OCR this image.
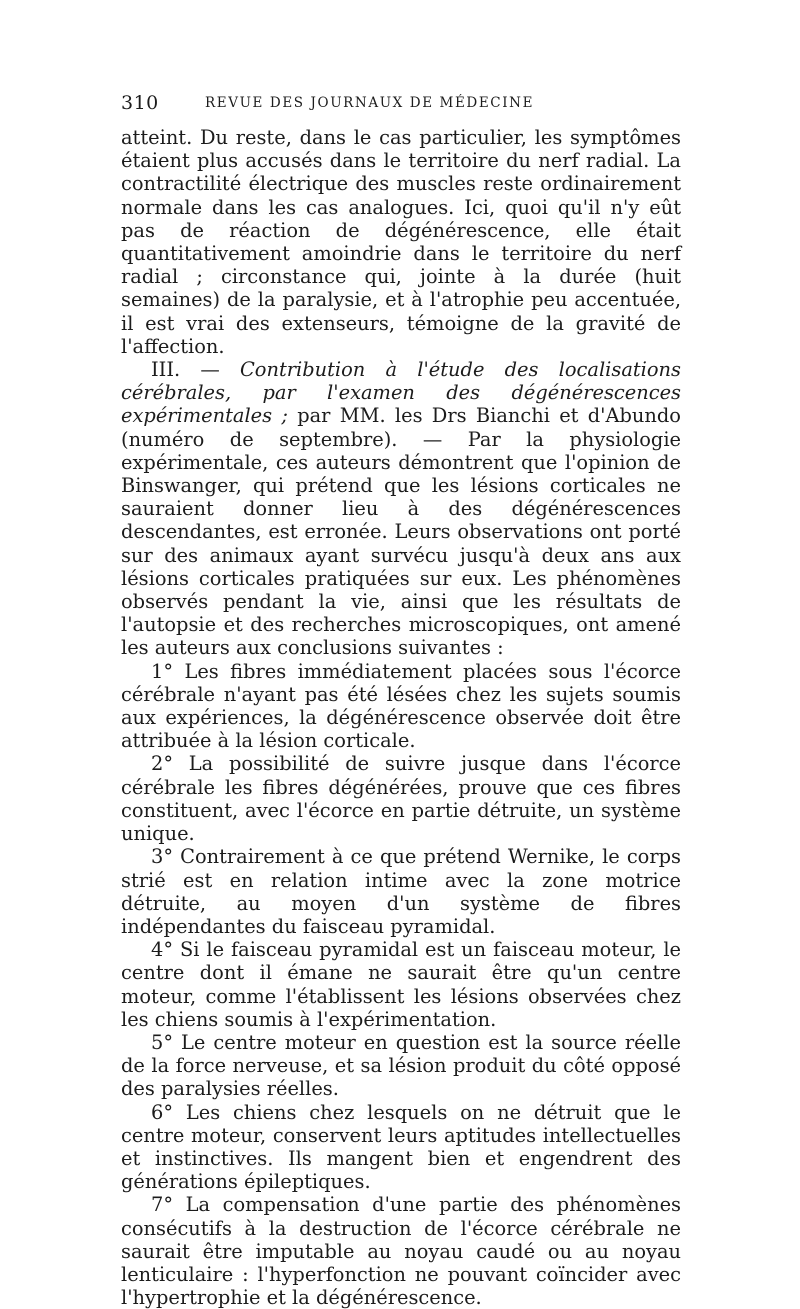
310	REVUE DES JOURNAUX DE MÉDECINE

atteint. Du reste, dans le cas particulier, les symptômes étaient plus accusés dans le territoire du nerf radial. La contractilité électrique des muscles reste ordinairement normale dans les cas analogues. Ici, quoi qu'il n'y eût pas de réaction de dégénérescence, elle était quantitativement amoindrie dans le territoire du nerf radial ; circonstance qui, jointe à la durée (huit semaines) de la paralysie, et à l'atrophie peu accentuée, il est vrai des extenseurs, témoigne de la gravité de l'affection.

III. — Contribution à l'étude des localisations cérébrales, par l'examen des dégénérescences expérimentales ; par MM. les Drs Bianchi et d'Abundo (numéro de septembre). — Par la physiologie expérimentale, ces auteurs démontrent que l'opinion de Binswanger, qui prétend que les lésions corticales ne sauraient donner lieu à des dégénérescences descendantes, est erronée. Leurs observations ont porté sur des animaux ayant survécu jusqu'à deux ans aux lésions corticales pratiquées sur eux. Les phénomènes observés pendant la vie, ainsi que les résultats de l'autopsie et des recherches microscopiques, ont amené les auteurs aux conclusions suivantes :

1° Les fibres immédiatement placées sous l'écorce cérébrale n'ayant pas été lésées chez les sujets soumis aux expériences, la dégénérescence observée doit être attribuée à la lésion corticale.

2° La possibilité de suivre jusque dans l'écorce cérébrale les fibres dégénérées, prouve que ces fibres constituent, avec l'écorce en partie détruite, un système unique.

3° Contrairement à ce que prétend Wernike, le corps strié est en relation intime avec la zone motrice détruite, au moyen d'un système de fibres indépendantes du faisceau pyramidal.

4° Si le faisceau pyramidal est un faisceau moteur, le centre dont il émane ne saurait être qu'un centre moteur, comme l'établissent les lésions observées chez les chiens soumis à l'expérimentation.

5° Le centre moteur en question est la source réelle de la force nerveuse, et sa lésion produit du côté opposé des paralysies réelles.

6° Les chiens chez lesquels on ne détruit que le centre moteur, conservent leurs aptitudes intellectuelles et instinctives. Ils mangent bien et engendrent des générations épileptiques.

7° La compensation d'une partie des phénomènes consécutifs à la destruction de l'écorce cérébrale ne saurait être imputable au noyau caudé ou au noyau lenticulaire : l'hyperfonction ne pouvant coïncider avec l'hypertrophie et la dégénérescence.
